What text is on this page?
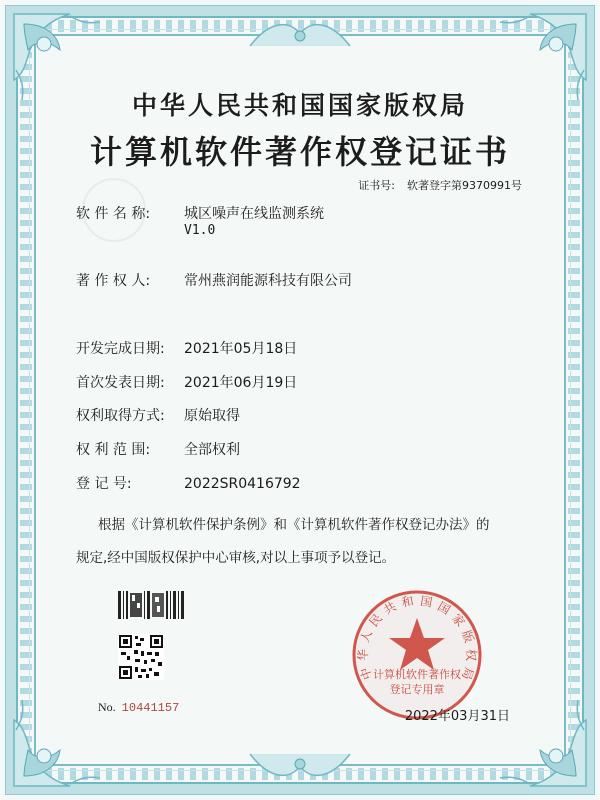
中华人民共和国国家版权局
计算机软件著作权登记证书
证书号: 软著登字第9370991号
软 件 名 称: 城区噪声在线监测系统
V1.0
著 作 权 人: 常州燕润能源科技有限公司
开发完成日期: 2021年05月18日
首次发表日期: 2021年06月19日
权利取得方式: 原始取得
权 利 范 围: 全部权利
登 记 号:	2022SR0416792
根据《计算机软件保护条例》和《计算机软件著作权登记办法》的
规定,经中国版权保护中心审核,对以上事项予以登记。
No. 10441157
中
华
人
民
共 和 国 国
家
版
权
局
计算机软件著作权
登记专用章
2022年03月31日
